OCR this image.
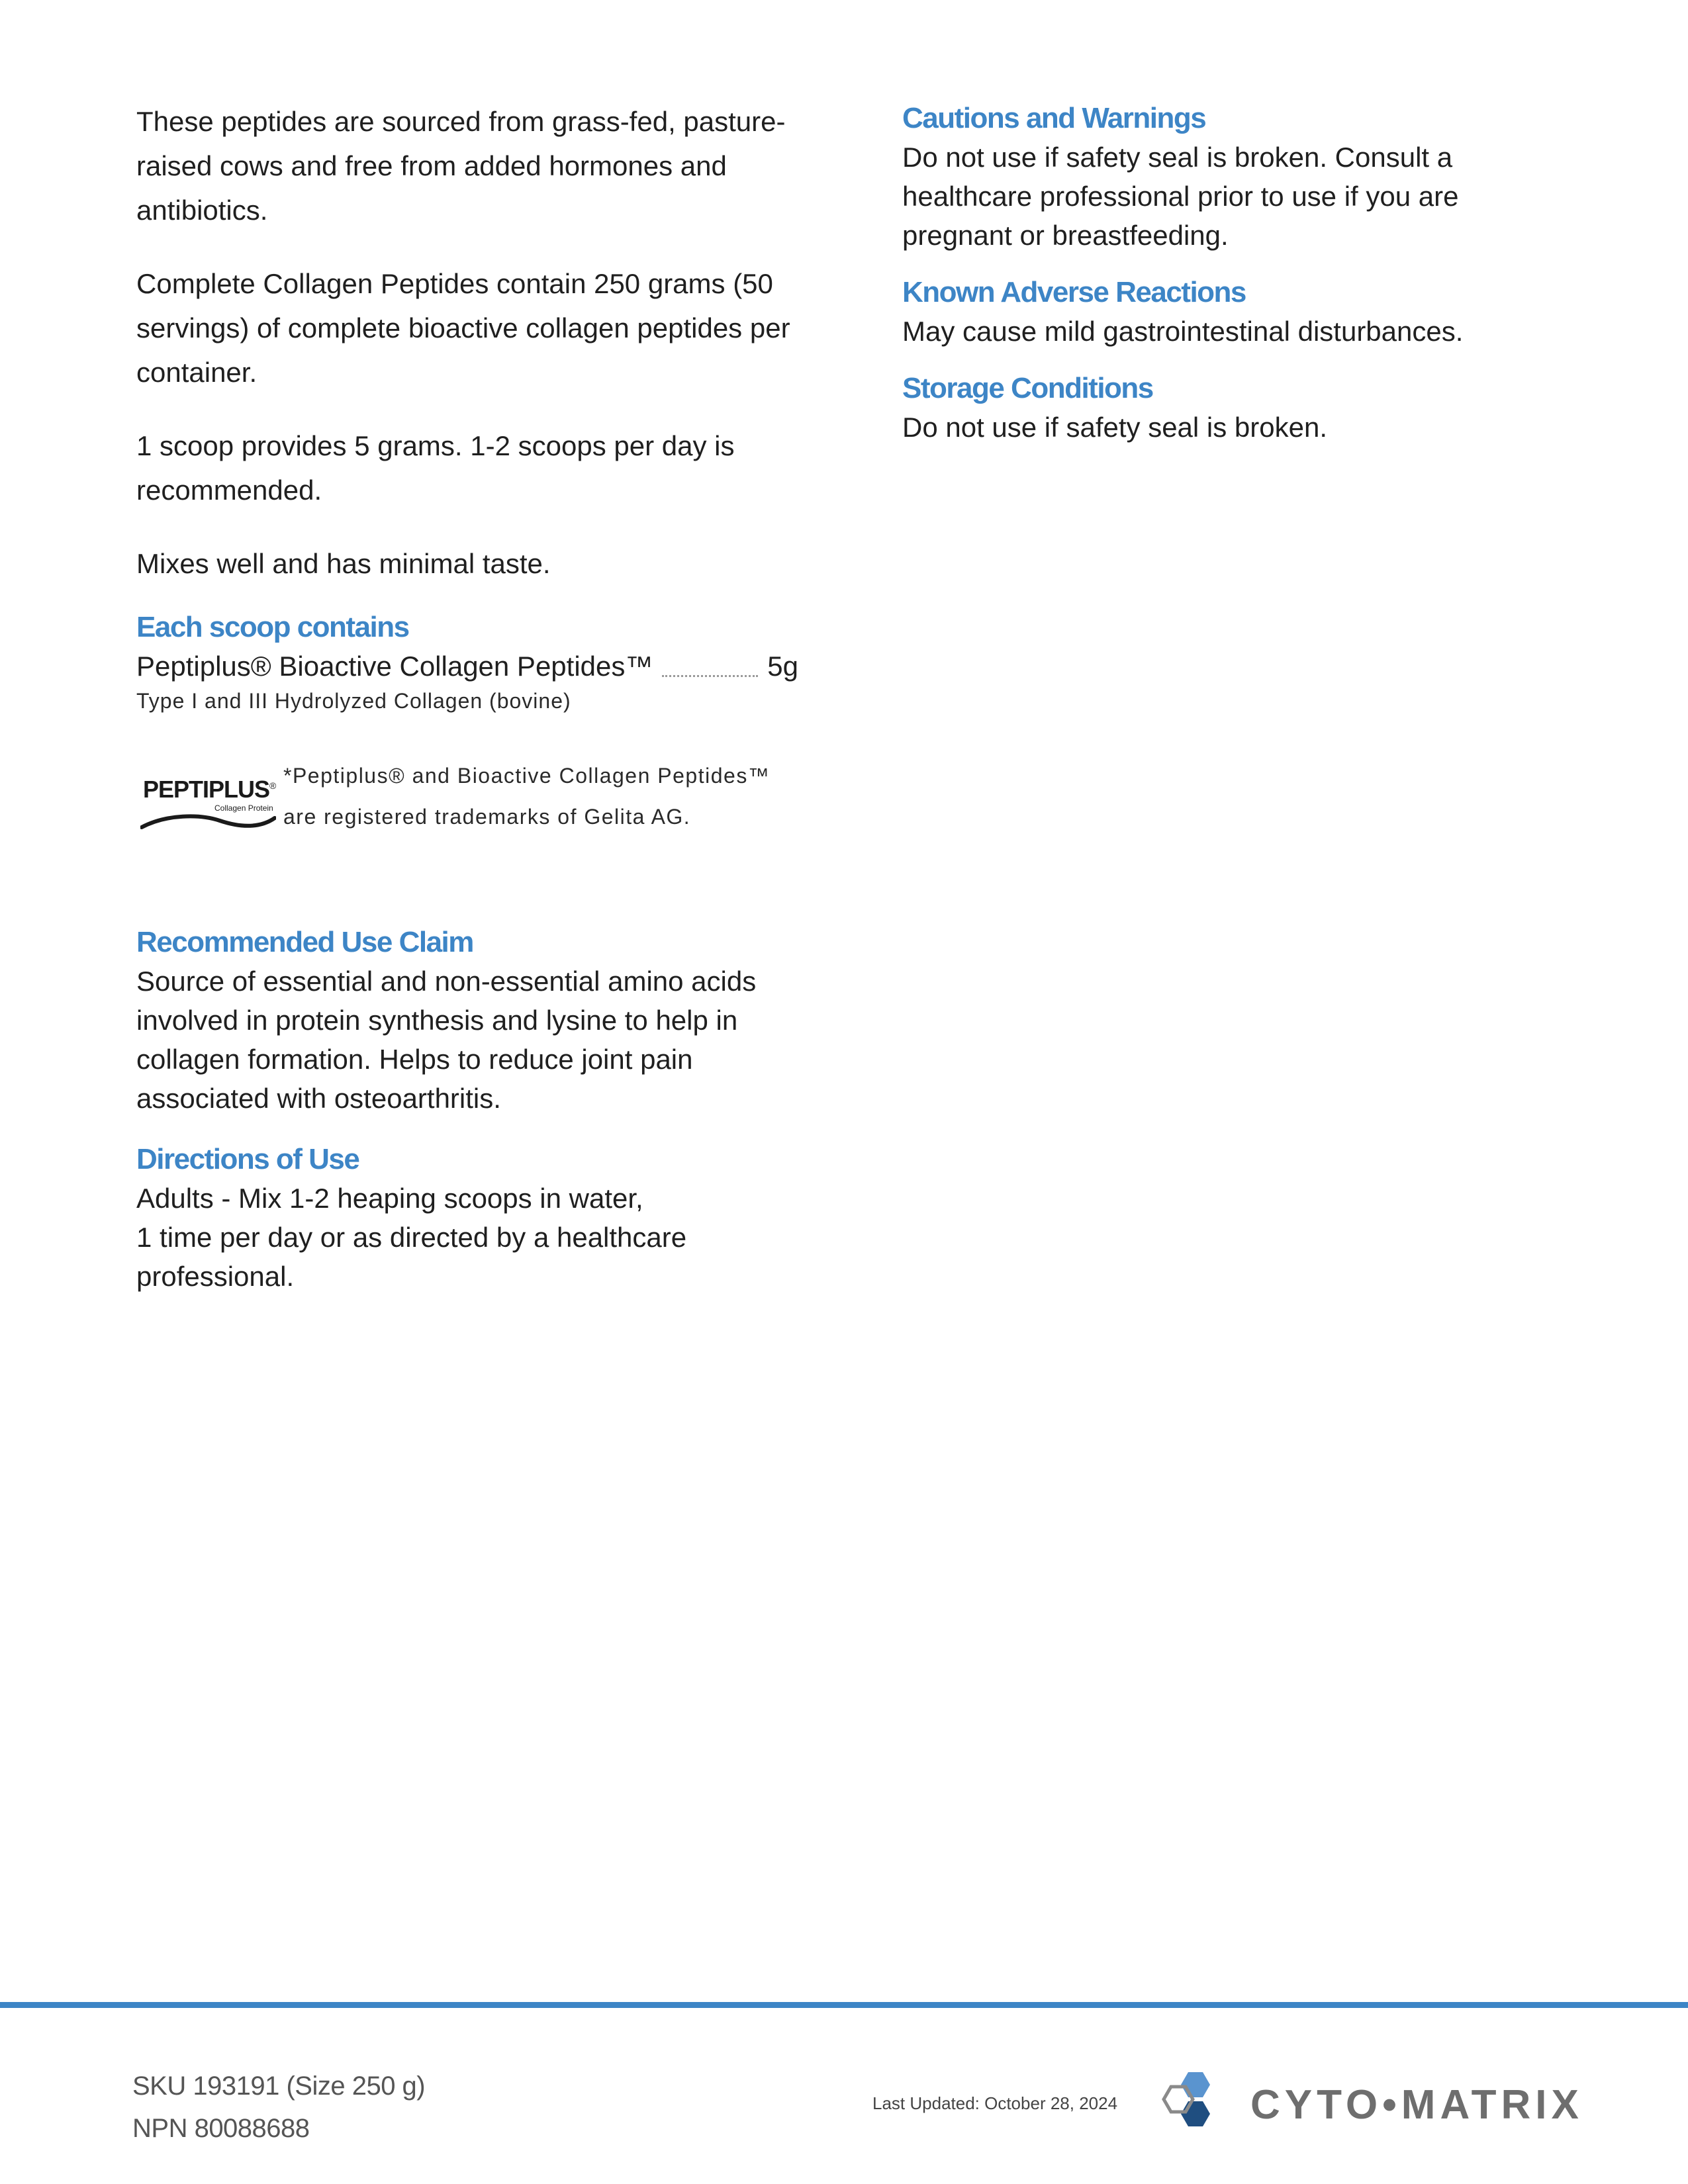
These peptides are sourced from grass-fed, pasture-raised cows and free from added hormones and antibiotics.

Complete Collagen Peptides contain 250 grams (50 servings) of complete bioactive collagen peptides per container.

1 scoop provides 5 grams. 1-2 scoops per day is recommended.

Mixes well and has minimal taste.

Each scoop contains
Peptiplus® Bioactive Collagen Peptides™	5g

Type I and III Hydrolyzed Collagen (bovine)

PEPTIPLUS®
Collagen Protein
*Peptiplus® and Bioactive Collagen Peptides™ are registered trademarks of Gelita AG.
Recommended Use Claim

Source of essential and non-essential amino acids involved in protein synthesis and lysine to help in collagen formation. Helps to reduce joint pain associated with osteoarthritis.

Directions of Use

Adults - Mix 1-2 heaping scoops in water,

1 time per day or as directed by a healthcare professional.

Cautions and Warnings

Do not use if safety seal is broken. Consult a healthcare professional prior to use if you are pregnant or breastfeeding.

Known Adverse Reactions

May cause mild gastrointestinal disturbances.

Storage Conditions

Do not use if safety seal is broken.

SKU 193191 (Size 250 g)
NPN 80088688
Last Updated: October 28, 2024	CYTO•MATRIX
